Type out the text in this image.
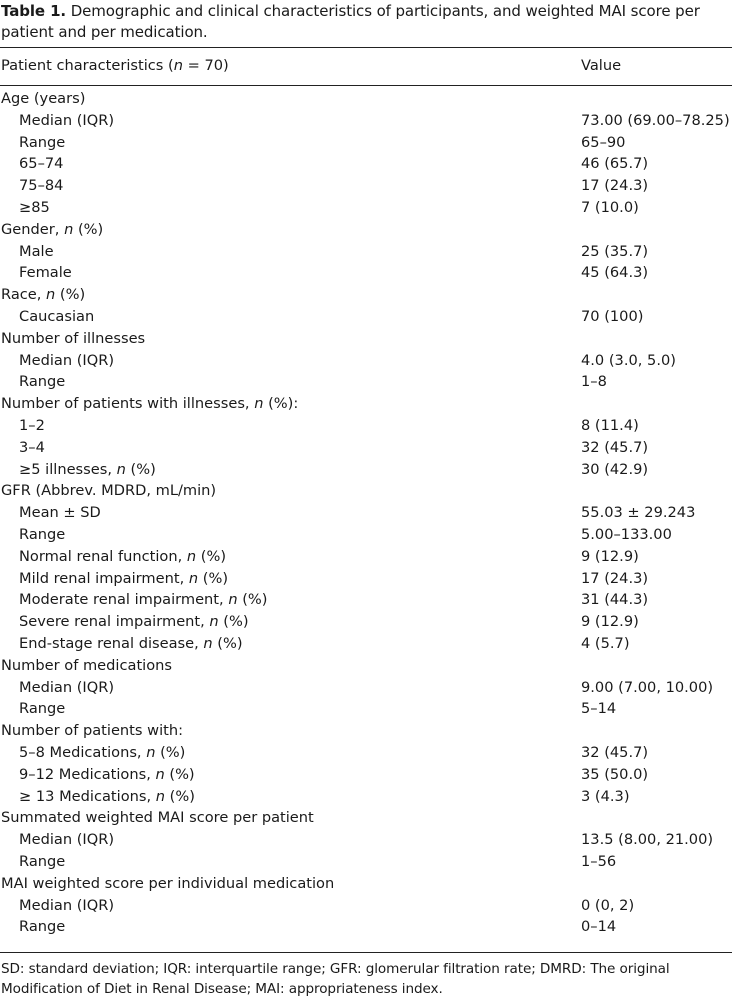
Table 1. Demographic and clinical characteristics of participants, and weighted MAI score per patient and per medication.
Patient characteristics (n = 70)	Value
Age (years)
Median (IQR)	73.00 (69.00–78.25)
Range	65–90
65–74	46 (65.7)
75–84	17 (24.3)
≥85	7 (10.0)
Gender, n (%)
Male	25 (35.7)
Female	45 (64.3)
Race, n (%)
Caucasian	70 (100)
Number of illnesses
Median (IQR)	4.0 (3.0, 5.0)
Range	1–8
Number of patients with illnesses, n (%):
1–2	8 (11.4)
3–4	32 (45.7)
≥5 illnesses, n (%)	30 (42.9)
GFR (Abbrev. MDRD, mL/min)
Mean ± SD	55.03 ± 29.243
Range	5.00–133.00
Normal renal function, n (%)	9 (12.9)
Mild renal impairment, n (%)	17 (24.3)
Moderate renal impairment, n (%)	31 (44.3)
Severe renal impairment, n (%)	9 (12.9)
End-stage renal disease, n (%)	4 (5.7)
Number of medications
Median (IQR)	9.00 (7.00, 10.00)
Range	5–14
Number of patients with:
5–8 Medications, n (%)	32 (45.7)
9–12 Medications, n (%)	35 (50.0)
≥ 13 Medications, n (%)	3 (4.3)
Summated weighted MAI score per patient
Median (IQR)	13.5 (8.00, 21.00)
Range	1–56
MAI weighted score per individual medication
Median (IQR)	0 (0, 2)
Range	0–14
SD: standard deviation; IQR: interquartile range; GFR: glomerular filtration rate; DMRD: The original Modification of Diet in Renal Disease; MAI: appropriateness index.
